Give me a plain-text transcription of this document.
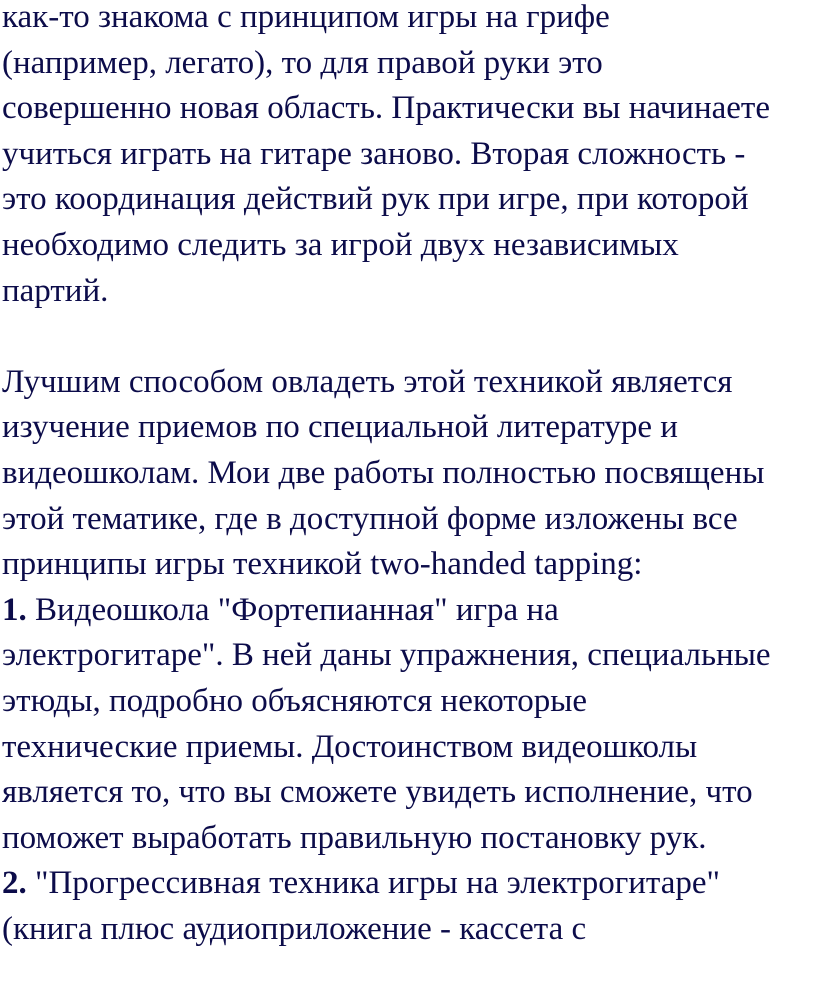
как-то знакома с принципом игры на грифе
(например, легато), то для правой руки это
совершенно новая область. Практически вы начинаете
учиться играть на гитаре заново. Вторая сложность -
это координация действий рук при игре, при которой
необходимо следить за игрой двух независимых
партий.
Лучшим способом овладеть этой техникой является
изучение приемов по специальной литературе и
видеошколам. Мои две работы полностью посвящены
этой тематике, где в доступной форме изложены все
принципы игры техникой two-handed tapping:
1. Видеошкола "Фортепианная" игра на
электрогитаре". В ней даны упражнения, специальные
этюды, подробно объясняются некоторые
технические приемы. Достоинством видеошколы
является то, что вы сможете увидеть исполнение, что
поможет выработать правильную постановку рук.
2. "Прогрессивная техника игры на электрогитаре"
(книга плюс аудиоприложение - кассета с
